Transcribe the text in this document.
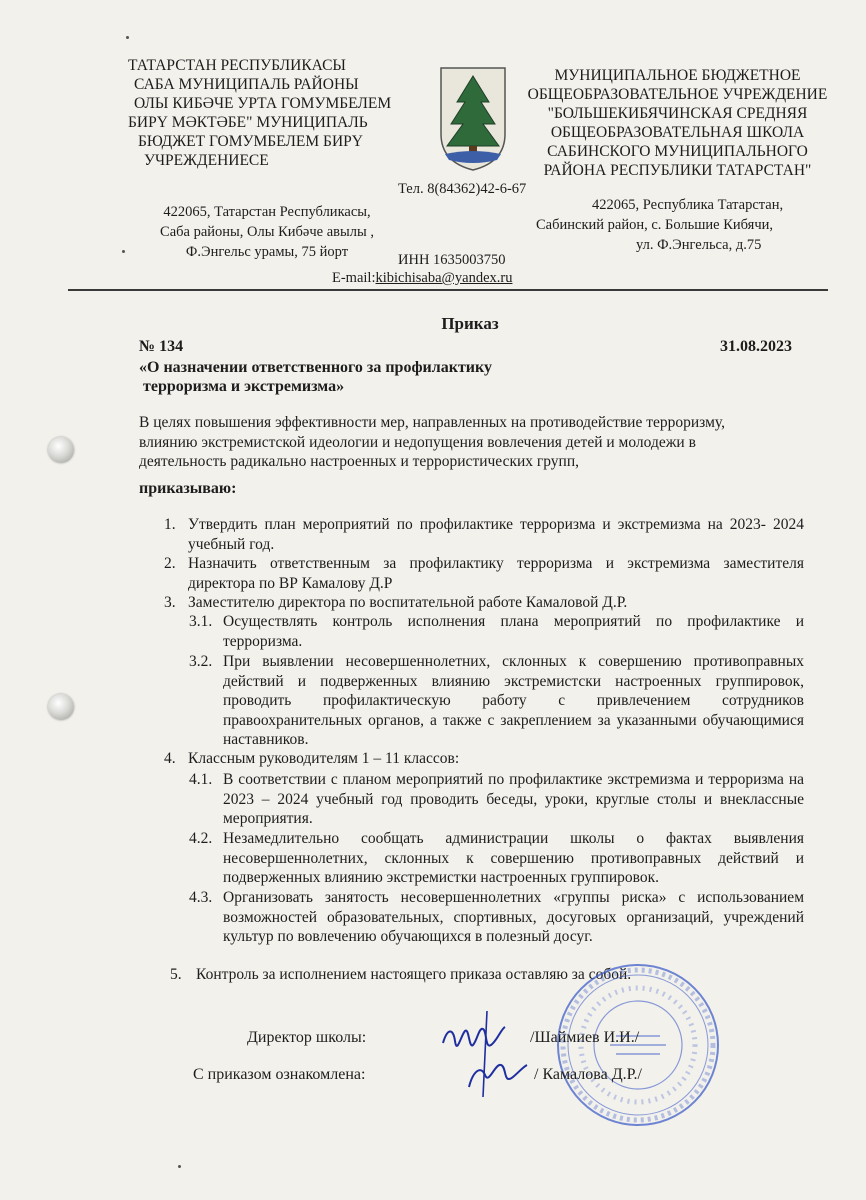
ТАТАРСТАН РЕСПУБЛИКАСЫ
САБА МУНИЦИПАЛЬ РАЙОНЫ
ОЛЫ КИБӘЧЕ УРТА ГОМУМБЕЛЕМ
БИРҮ МӘКТӘБЕ" МУНИЦИПАЛЬ
БЮДЖЕТ ГОМУМБЕЛЕМ БИРҮ
УЧРЕЖДЕНИЕСЕ
МУНИЦИПАЛЬНОЕ БЮДЖЕТНОЕ
ОБЩЕОБРАЗОВАТЕЛЬНОЕ УЧРЕЖДЕНИЕ
"БОЛЬШЕКИБЯЧИНСКАЯ СРЕДНЯЯ
ОБЩЕОБРАЗОВАТЕЛЬНАЯ ШКОЛА
САБИНСКОГО МУНИЦИПАЛЬНОГО
РАЙОНА РЕСПУБЛИКИ ТАТАРСТАН"
Тел. 8(84362)42-6-67
422065, Татарстан Республикасы,
Саба районы, Олы Кибәче авылы ,
Ф.Энгельс урамы, 75 йорт
422065, Республика Татарстан,
Сабинский район, с. Большие Кибячи,
ул. Ф.Энгельса, д.75
ИНН 1635003750
E-mail:kibichisaba@yandex.ru
Приказ
№ 134	31.08.2023
«О назначении ответственного за профилактику
терроризма и экстремизма»
В целях повышения эффективности мер, направленных на противодействие терроризму,
влиянию экстремистской идеологии и недопущения вовлечения детей и молодежи в
деятельность радикально настроенных и террористических групп,
приказываю:
1. Утвердить план мероприятий по профилактике терроризма и экстремизма на 2023- 2024 учебный год.
2. Назначить ответственным за профилактику терроризма и экстремизма заместителя директора по ВР Камалову Д.Р
3. Заместителю директора по воспитательной работе Камаловой Д.Р.
3.1. Осуществлять контроль исполнения плана мероприятий по профилактике и терроризма.
3.2. При выявлении несовершеннолетних, склонных к совершению противоправных действий и подверженных влиянию экстремистски настроенных группировок, проводить профилактическую работу с привлечением сотрудников правоохранительных органов, а также с закреплением за указанными обучающимися наставников.
4. Классным руководителям 1 – 11 классов:
4.1. В соответствии с планом мероприятий по профилактике экстремизма и терроризма на 2023 – 2024 учебный год проводить беседы, уроки, круглые столы и внеклассные мероприятия.
4.2. Незамедлительно сообщать администрации школы о фактах выявления несовершеннолетних, склонных к совершению противоправных действий и подверженных влиянию экстремистки настроенных группировок.
4.3. Организовать занятость несовершеннолетних «группы риска» с использованием возможностей образовательных, спортивных, досуговых организаций, учреждений культур по вовлечению обучающихся в полезный досуг.
5. Контроль за исполнением настоящего приказа оставляю за собой.
Директор школы:	/Шаймиев И.И./
С приказом ознакомлена:	/ Камалова Д.Р./
